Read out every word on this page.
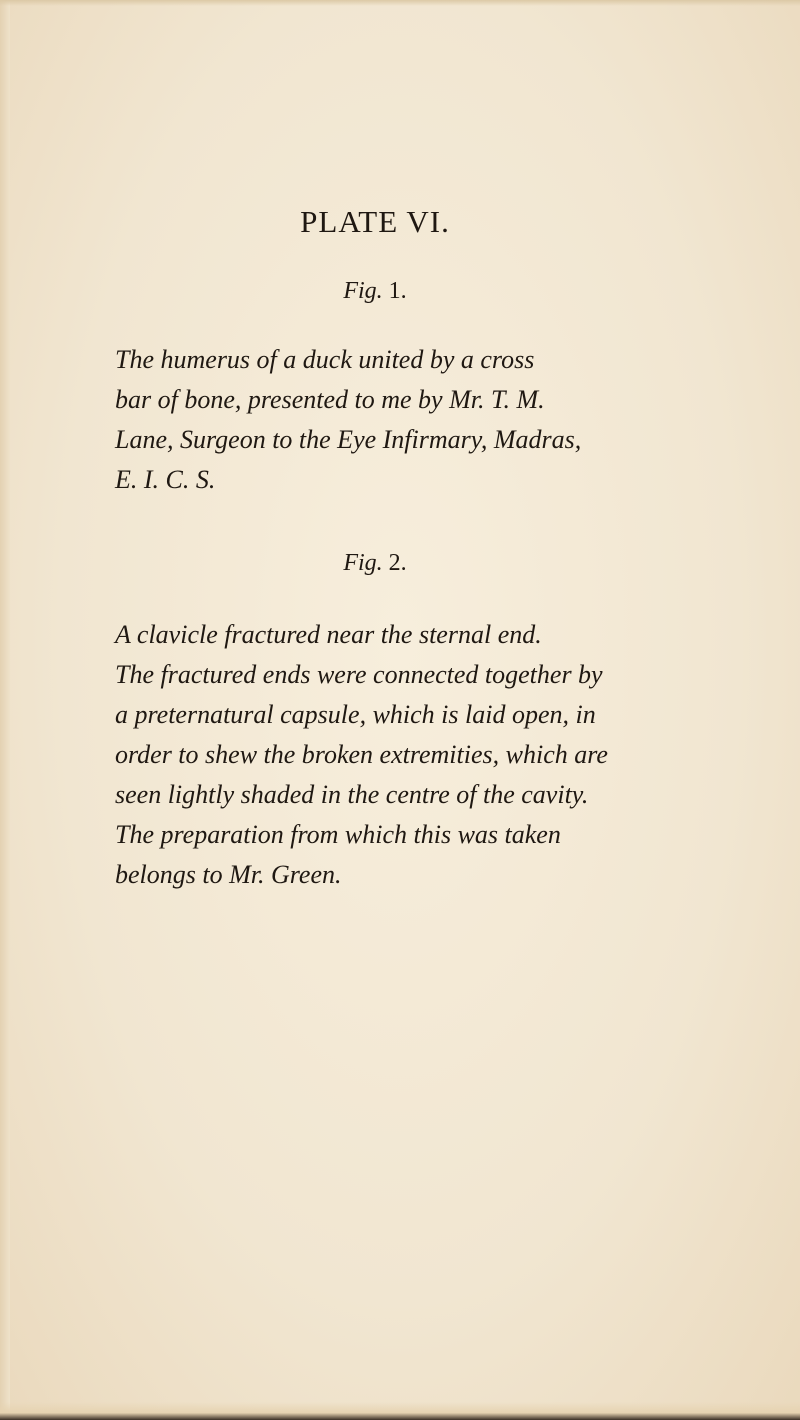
PLATE VI.
Fig. 1.
The humerus of a duck united by a cross
bar of bone, presented to me by Mr. T. M.
Lane, Surgeon to the Eye Infirmary, Madras,
E. I. C. S.
Fig. 2.
A clavicle fractured near the sternal end.
The fractured ends were connected together by
a preternatural capsule, which is laid open, in
order to shew the broken extremities, which are
seen lightly shaded in the centre of the cavity.
The preparation from which this was taken
belongs to Mr. Green.
